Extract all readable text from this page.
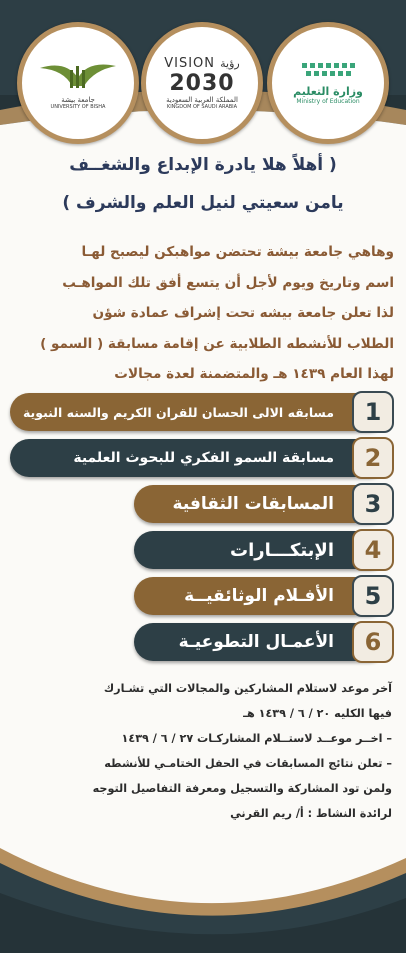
جامعة بيشة
UNIVERSITY OF BISHA
VISION رؤية
2030
المملكة العربية السعودية
KINGDOM OF SAUDI ARABIA
وزارة التعليم
Ministry of Education
( أهلاً هلا يادرة الإبداع والشغــف
يامن سعيتي لنيل العلم والشرف )
وهاهي جامعة بيشة تحتضن مواهبكن ليصبح لهـا
اسم وتاريخ ويوم لأجل أن يتسع أفق تلك المواهـب
لذا تعلن جامعة بيشه تحت إشراف عمادة شؤن
الطلاب للأنشطه الطلابية عن إقامة مسابقة ( السمو )
لهذا العام ١٤٣٩ هـ والمتضمنة لعدة مجالات
مسابقه الالى الحسان للقران الكريم والسنه النبوية	1
مسابقة السمو الفكري للبحوث العلمية	2
المسابقات الثقافية	3
الإبتكـــارات	4
الأفـلام الوثائقيــة	5
الأعمـال التطوعيـة	6
آخر موعد لاستلام المشاركين والمجالات التي تشـارك
فيها الكليه ٢٠ / ٦ / ١٤٣٩ هـ
– اخــر موعــد لاستــلام المشاركـات ٢٧ / ٦ / ١٤٣٩
– تعلن نتائج المسابقات في الحفل الختامـي للأنشطه
ولمن تود المشاركة والتسجيل ومعرفة التفاصيل التوجه
لرائدة النشاط : أ/ ريم القرني
